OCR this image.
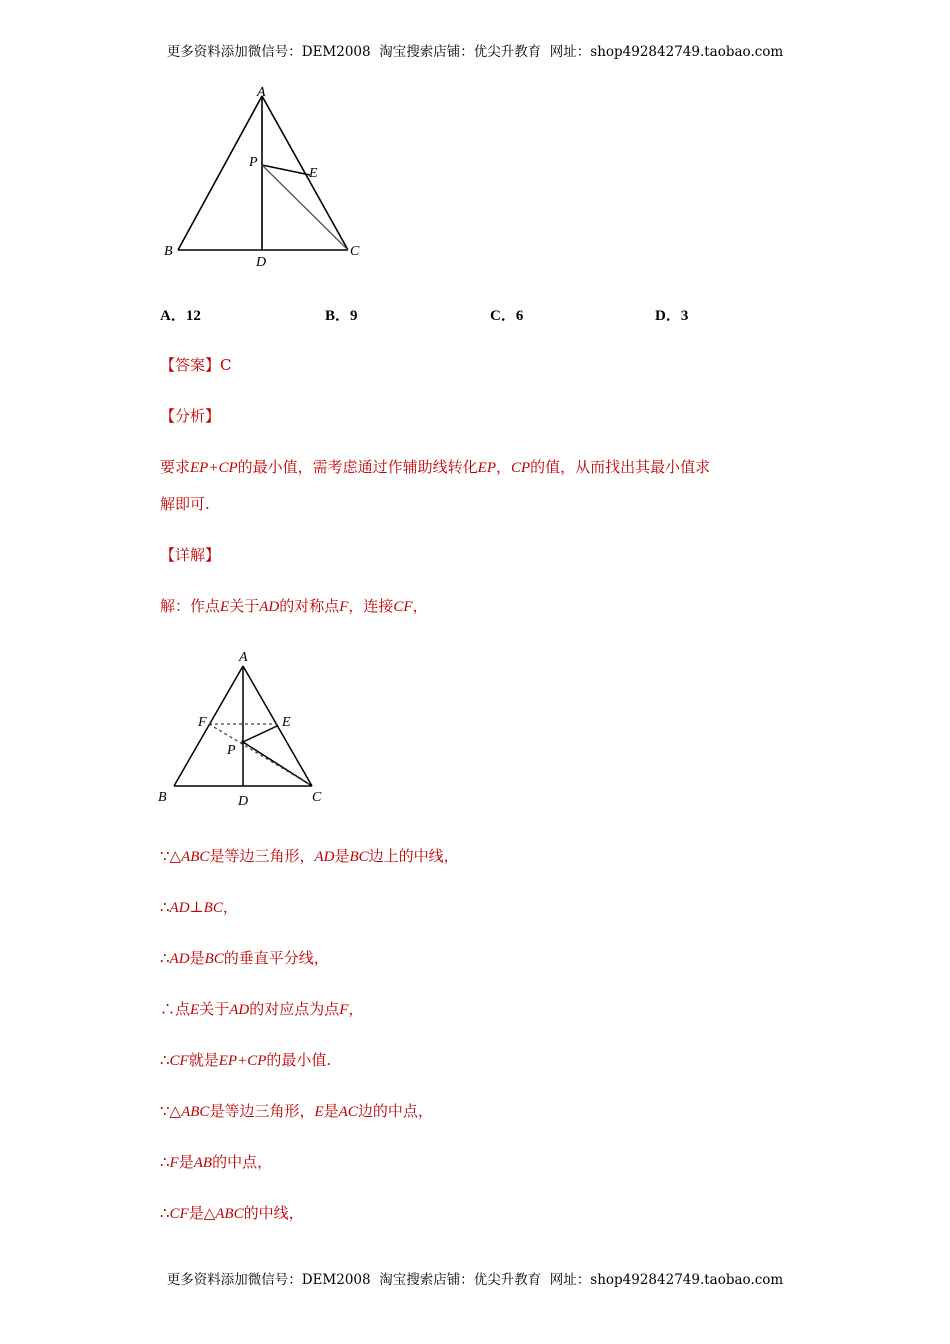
更多资料添加微信号：DEM2008  淘宝搜索店铺：优尖升教育  网址：shop492842749.taobao.com
A
P
E
B
D
C
A．12	B．9	C．6	D．3
【答案】C
【分析】
要求EP+CP的最小值，需考虑通过作辅助线转化EP，CP的值，从而找出其最小值求
解即可.
【详解】
解：作点E关于AD的对称点F，连接CF，
A
F	E
P
B	D	C
∵△ABC是等边三角形，AD是BC边上的中线，
∴AD⊥BC，
∴AD是BC的垂直平分线，
∴点E关于AD的对应点为点F，
∴CF就是EP+CP的最小值.
∵△ABC是等边三角形，E是AC边的中点，
∴F是AB的中点，
∴CF是△ABC的中线，
更多资料添加微信号：DEM2008  淘宝搜索店铺：优尖升教育  网址：shop492842749.taobao.com
